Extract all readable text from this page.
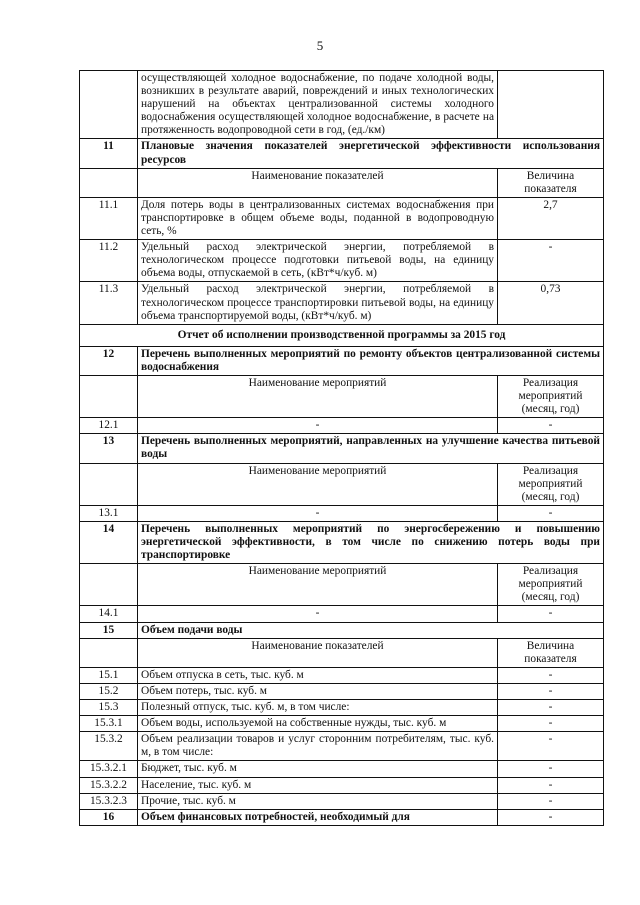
5
	осуществляющей холодное водоснабжение, по подаче холодной воды, возникших в результате аварий, повреждений и иных технологических нарушений на объектах централизованной системы холодного водоснабжения осуществляющей холодное водоснабжение, в расчете на протяженность водопроводной сети в год, (ед./км)	
11	Плановые значения показателей энергетической эффективности использования ресурсов	
	Наименование показателей	Величина показателя
11.1	Доля потерь воды в централизованных системах водоснабжения при транспортировке в общем объеме воды, поданной в водопроводную сеть, %	2,7
11.2	Удельный расход электрической энергии, потребляемой в технологическом процессе подготовки питьевой воды, на единицу объема воды, отпускаемой в сеть, (кВт*ч/куб. м)	-
11.3	Удельный расход электрической энергии, потребляемой в технологическом процессе транспортировки питьевой воды, на единицу объема транспортируемой воды, (кВт*ч/куб. м)	0,73
Отчет об исполнении производственной программы за 2015 год		
12	Перечень выполненных мероприятий по ремонту объектов централизованной системы водоснабжения	
	Наименование мероприятий	Реализация мероприятий (месяц, год)
12.1	-	-
13	Перечень выполненных мероприятий, направленных на улучшение качества питьевой воды	
	Наименование мероприятий	Реализация мероприятий (месяц, год)
13.1	-	-
14	Перечень выполненных мероприятий по энергосбережению и повышению энергетической эффективности, в том числе по снижению потерь воды при транспортировке	
	Наименование мероприятий	Реализация мероприятий (месяц, год)
14.1	-	-
15	Объем подачи воды	
	Наименование показателей	Величина показателя
15.1	Объем отпуска в сеть, тыс. куб. м	-
15.2	Объем потерь, тыс. куб. м	-
15.3	Полезный отпуск, тыс. куб. м, в том числе:	-
15.3.1	Объем воды, используемой на собственные нужды, тыс. куб. м	-
15.3.2	Объем реализации товаров и услуг сторонним потребителям, тыс. куб. м, в том числе:	-
15.3.2.1	Бюджет, тыс. куб. м	-
15.3.2.2	Население, тыс. куб. м	-
15.3.2.3	Прочие, тыс. куб. м	-
16	Объем финансовых потребностей, необходимый для	-
